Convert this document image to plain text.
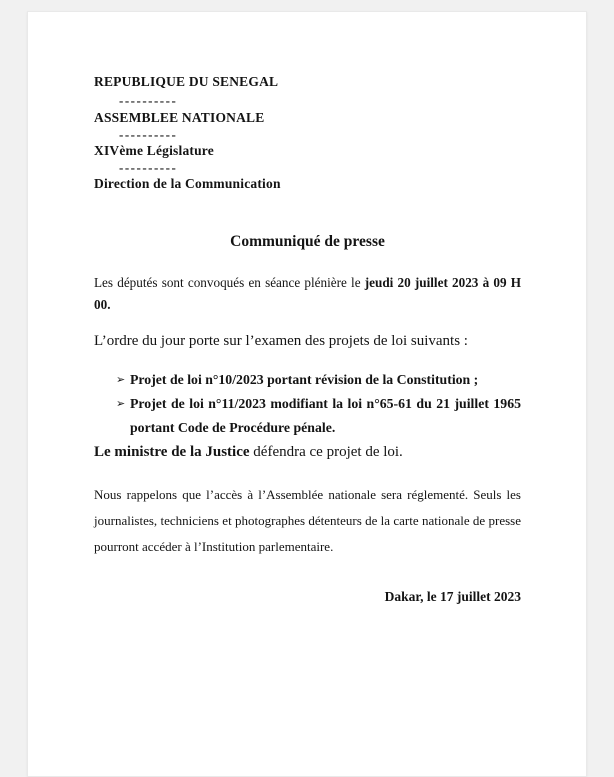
REPUBLIQUE DU SENEGAL
----------
ASSEMBLEE NATIONALE
----------
XIVème Législature
----------
Direction de la Communication
Communiqué de presse

Les députés sont convoqués en séance plénière le jeudi 20 juillet 2023 à 09 H 00.

L’ordre du jour porte sur l’examen des projets de loi suivants :

➢ Projet de loi n°10/2023 portant révision de la Constitution ;
➢ Projet de loi n°11/2023 modifiant la loi n°65-61 du 21 juillet 1965 portant Code de Procédure pénale.

Le ministre de la Justice défendra ce projet de loi.

Nous rappelons que l’accès à l’Assemblée nationale sera réglementé. Seuls les journalistes, techniciens et photographes détenteurs de la carte nationale de presse pourront accéder à l’Institution parlementaire.

Dakar, le 17 juillet 2023
